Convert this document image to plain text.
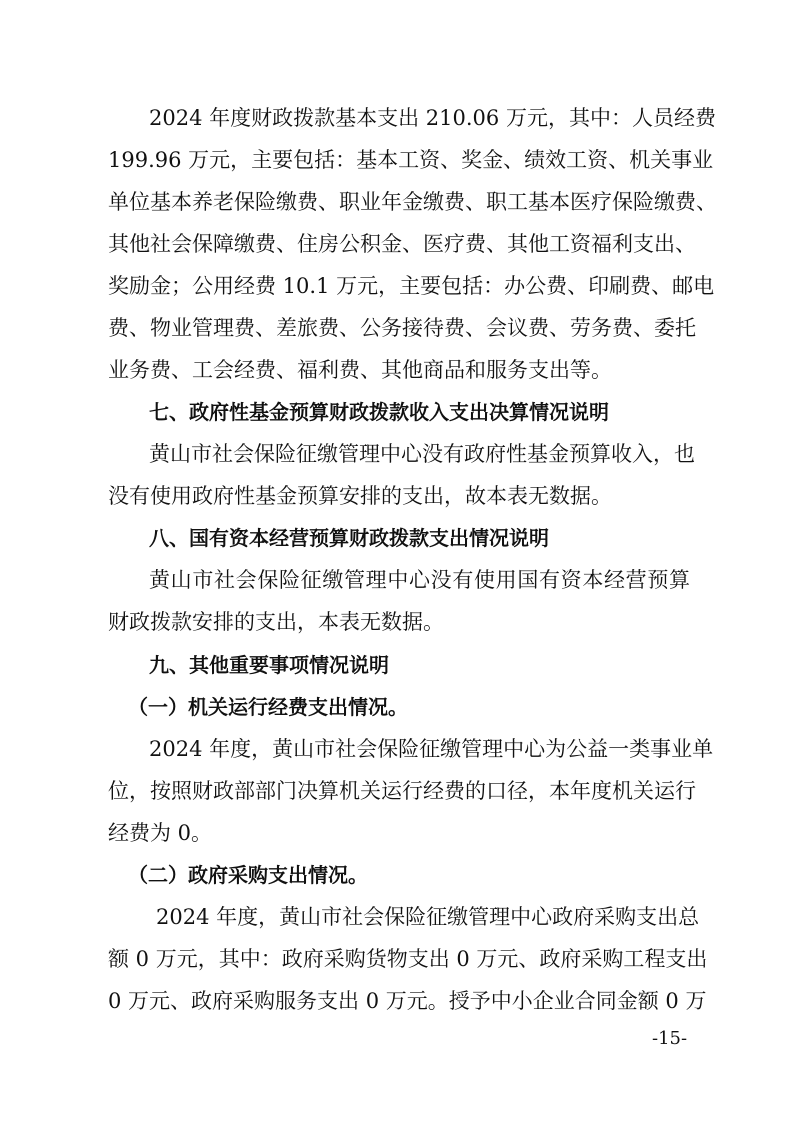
2024 年度财政拨款基本支出 210.06 万元，其中：人员经费
199.96 万元，主要包括：基本工资、奖金、绩效工资、机关事业
单位基本养老保险缴费、职业年金缴费、职工基本医疗保险缴费、
其他社会保障缴费、住房公积金、医疗费、其他工资福利支出、
奖励金；公用经费 10.1 万元，主要包括：办公费、印刷费、邮电
费、物业管理费、差旅费、公务接待费、会议费、劳务费、委托
业务费、工会经费、福利费、其他商品和服务支出等。
七、政府性基金预算财政拨款收入支出决算情况说明
黄山市社会保险征缴管理中心没有政府性基金预算收入，也
没有使用政府性基金预算安排的支出，故本表无数据。
八、国有资本经营预算财政拨款支出情况说明
黄山市社会保险征缴管理中心没有使用国有资本经营预算
财政拨款安排的支出，本表无数据。
九、其他重要事项情况说明
（一）机关运行经费支出情况。
2024 年度，黄山市社会保险征缴管理中心为公益一类事业单
位，按照财政部部门决算机关运行经费的口径，本年度机关运行
经费为 0。
（二）政府采购支出情况。
2024 年度，黄山市社会保险征缴管理中心政府采购支出总
额 0 万元，其中：政府采购货物支出 0 万元、政府采购工程支出
0 万元、政府采购服务支出 0 万元。授予中小企业合同金额 0 万
-15-
